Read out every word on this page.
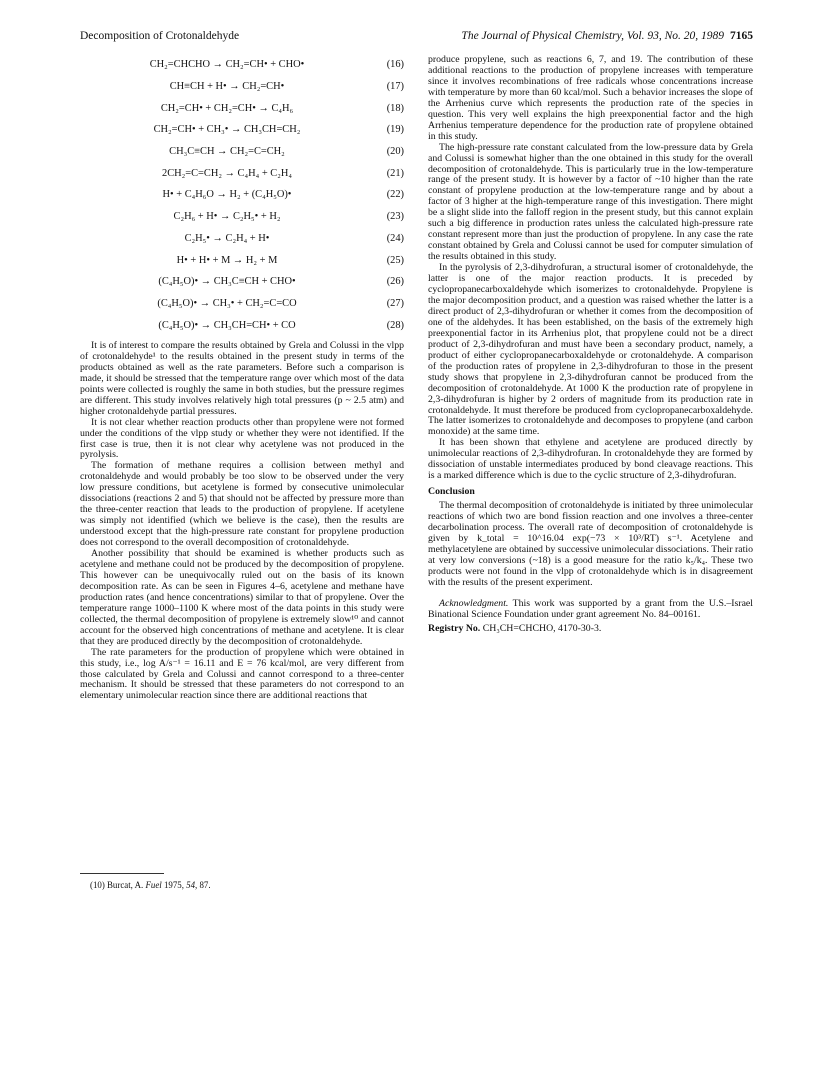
Decomposition of Crotonaldehyde	The Journal of Physical Chemistry, Vol. 93, No. 20, 1989 7165
CH₂=CHCHO → CH₂=CH• + CHO•	(16)
CH≡CH + H• → CH₂=CH•	(17)
CH₂=CH• + CH₂=CH• → C₄H₆	(18)
CH₂=CH• + CH₃• → CH₃CH=CH₂	(19)
CH₃C≡CH → CH₂=C=CH₂	(20)
2CH₂=C=CH₂ → C₄H₄ + C₂H₄	(21)
H• + C₄H₆O → H₂ + (C₄H₅O)•	(22)
C₂H₆ + H• → C₂H₅• + H₂	(23)
C₂H₅• → C₂H₄ + H•	(24)
H• + H• + M → H₂ + M	(25)
(C₄H₅O)• → CH₃C≡CH + CHO•	(26)
(C₄H₅O)• → CH₃• + CH₂=C=CO	(27)
(C₄H₅O)• → CH₃CH=CH• + CO	(28)

It is of interest to compare the results obtained by Grela and Colussi in the vlpp of crotonaldehyde¹ to the results obtained in the present study in terms of the products obtained as well as the rate parameters. Before such a comparison is made, it should be stressed that the temperature range over which most of the data points were collected is roughly the same in both studies, but the pressure regimes are different. This study involves relatively high total pressures (p ~ 2.5 atm) and higher crotonaldehyde partial pressures.

It is not clear whether reaction products other than propylene were not formed under the conditions of the vlpp study or whether they were not identified. If the first case is true, then it is not clear why acetylene was not produced in the pyrolysis.

The formation of methane requires a collision between methyl and crotonaldehyde and would probably be too slow to be observed under the very low pressure conditions, but acetylene is formed by consecutive unimolecular dissociations (reactions 2 and 5) that should not be affected by pressure more than the three-center reaction that leads to the production of propylene. If acetylene was simply not identified (which we believe is the case), then the results are understood except that the high-pressure rate constant for propylene production does not correspond to the overall decomposition of crotonaldehyde.

Another possibility that should be examined is whether products such as acetylene and methane could not be produced by the decomposition of propylene. This however can be unequivocally ruled out on the basis of its known decomposition rate. As can be seen in Figures 4–6, acetylene and methane have production rates (and hence concentrations) similar to that of propylene. Over the temperature range 1000–1100 K where most of the data points in this study were collected, the thermal decomposition of propylene is extremely slow¹⁰ and cannot account for the observed high concentrations of methane and acetylene. It is clear that they are produced directly by the decomposition of crotonaldehyde.

The rate parameters for the production of propylene which were obtained in this study, i.e., log A/s⁻¹ = 16.11 and E = 76 kcal/mol, are very different from those calculated by Grela and Colussi and cannot correspond to a three-center mechanism. It should be stressed that these parameters do not correspond to an elementary unimolecular reaction since there are additional reactions that

(10) Burcat, A. Fuel 1975, 54, 87.

produce propylene, such as reactions 6, 7, and 19. The contribution of these additional reactions to the production of propylene increases with temperature since it involves recombinations of free radicals whose concentrations increase with temperature by more than 60 kcal/mol. Such a behavior increases the slope of the Arrhenius curve which represents the production rate of the species in question. This very well explains the high preexponential factor and the high Arrhenius temperature dependence for the production rate of propylene obtained in this study.

The high-pressure rate constant calculated from the low-pressure data by Grela and Colussi is somewhat higher than the one obtained in this study for the overall decomposition of crotonaldehyde. This is particularly true in the low-temperature range of the present study. It is however by a factor of ~10 higher than the rate constant of propylene production at the low-temperature range and by about a factor of 3 higher at the high-temperature range of this investigation. There might be a slight slide into the falloff region in the present study, but this cannot explain such a big difference in production rates unless the calculated high-pressure rate constant represent more than just the production of propylene. In any case the rate constant obtained by Grela and Colussi cannot be used for computer simulation of the results obtained in this study.

In the pyrolysis of 2,3-dihydrofuran, a structural isomer of crotonaldehyde, the latter is one of the major reaction products. It is preceded by cyclopropanecarboxaldehyde which isomerizes to crotonaldehyde. Propylene is the major decomposition product, and a question was raised whether the latter is a direct product of 2,3-dihydrofuran or whether it comes from the decomposition of one of the aldehydes. It has been established, on the basis of the extremely high preexponential factor in its Arrhenius plot, that propylene could not be a direct product of 2,3-dihydrofuran and must have been a secondary product, namely, a product of either cyclopropanecarboxaldehyde or crotonaldehyde. A comparison of the production rates of propylene in 2,3-dihydrofuran to those in the present study shows that propylene in 2,3-dihydrofuran cannot be produced from the decomposition of crotonaldehyde. At 1000 K the production rate of propylene in 2,3-dihydrofuran is higher by 2 orders of magnitude from its production rate in crotonaldehyde. It must therefore be produced from cyclopropanecarboxaldehyde. The latter isomerizes to crotonaldehyde and decomposes to propylene (and carbon monoxide) at the same time.

It has been shown that ethylene and acetylene are produced directly by unimolecular reactions of 2,3-dihydrofuran. In crotonaldehyde they are formed by dissociation of unstable intermediates produced by bond cleavage reactions. This is a marked difference which is due to the cyclic structure of 2,3-dihydrofuran.

Conclusion

The thermal decomposition of crotonaldehyde is initiated by three unimolecular reactions of which two are bond fission reaction and one involves a three-center decarbolination process. The overall rate of decomposition of crotonaldehyde is given by k_total = 10^16.04 exp(−73 × 10³/RT) s⁻¹. Acetylene and methylacetylene are obtained by successive unimolecular dissociations. Their ratio at very low conversions (~18) is a good measure for the ratio k₅/k₄. These two products were not found in the vlpp of crotonaldehyde which is in disagreement with the results of the present experiment.

Acknowledgment. This work was supported by a grant from the U.S.–Israel Binational Science Foundation under grant agreement No. 84–00161.

Registry No. CH₃CH=CHCHO, 4170-30-3.
